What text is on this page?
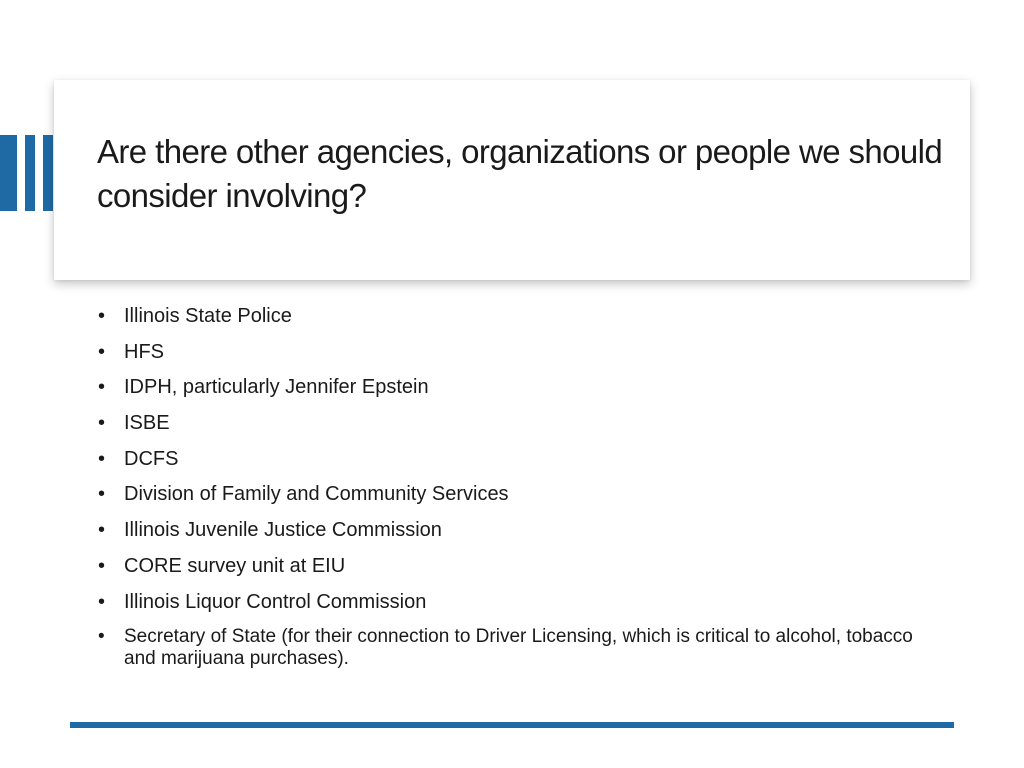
Are there other agencies, organizations or people we should consider involving?
• Illinois State Police
• HFS
• IDPH, particularly Jennifer Epstein
• ISBE
• DCFS
• Division of Family and Community Services
• Illinois Juvenile Justice Commission
• CORE survey unit at EIU
• Illinois Liquor Control Commission
• Secretary of State (for their connection to Driver Licensing, which is critical to alcohol, tobacco and marijuana purchases).
